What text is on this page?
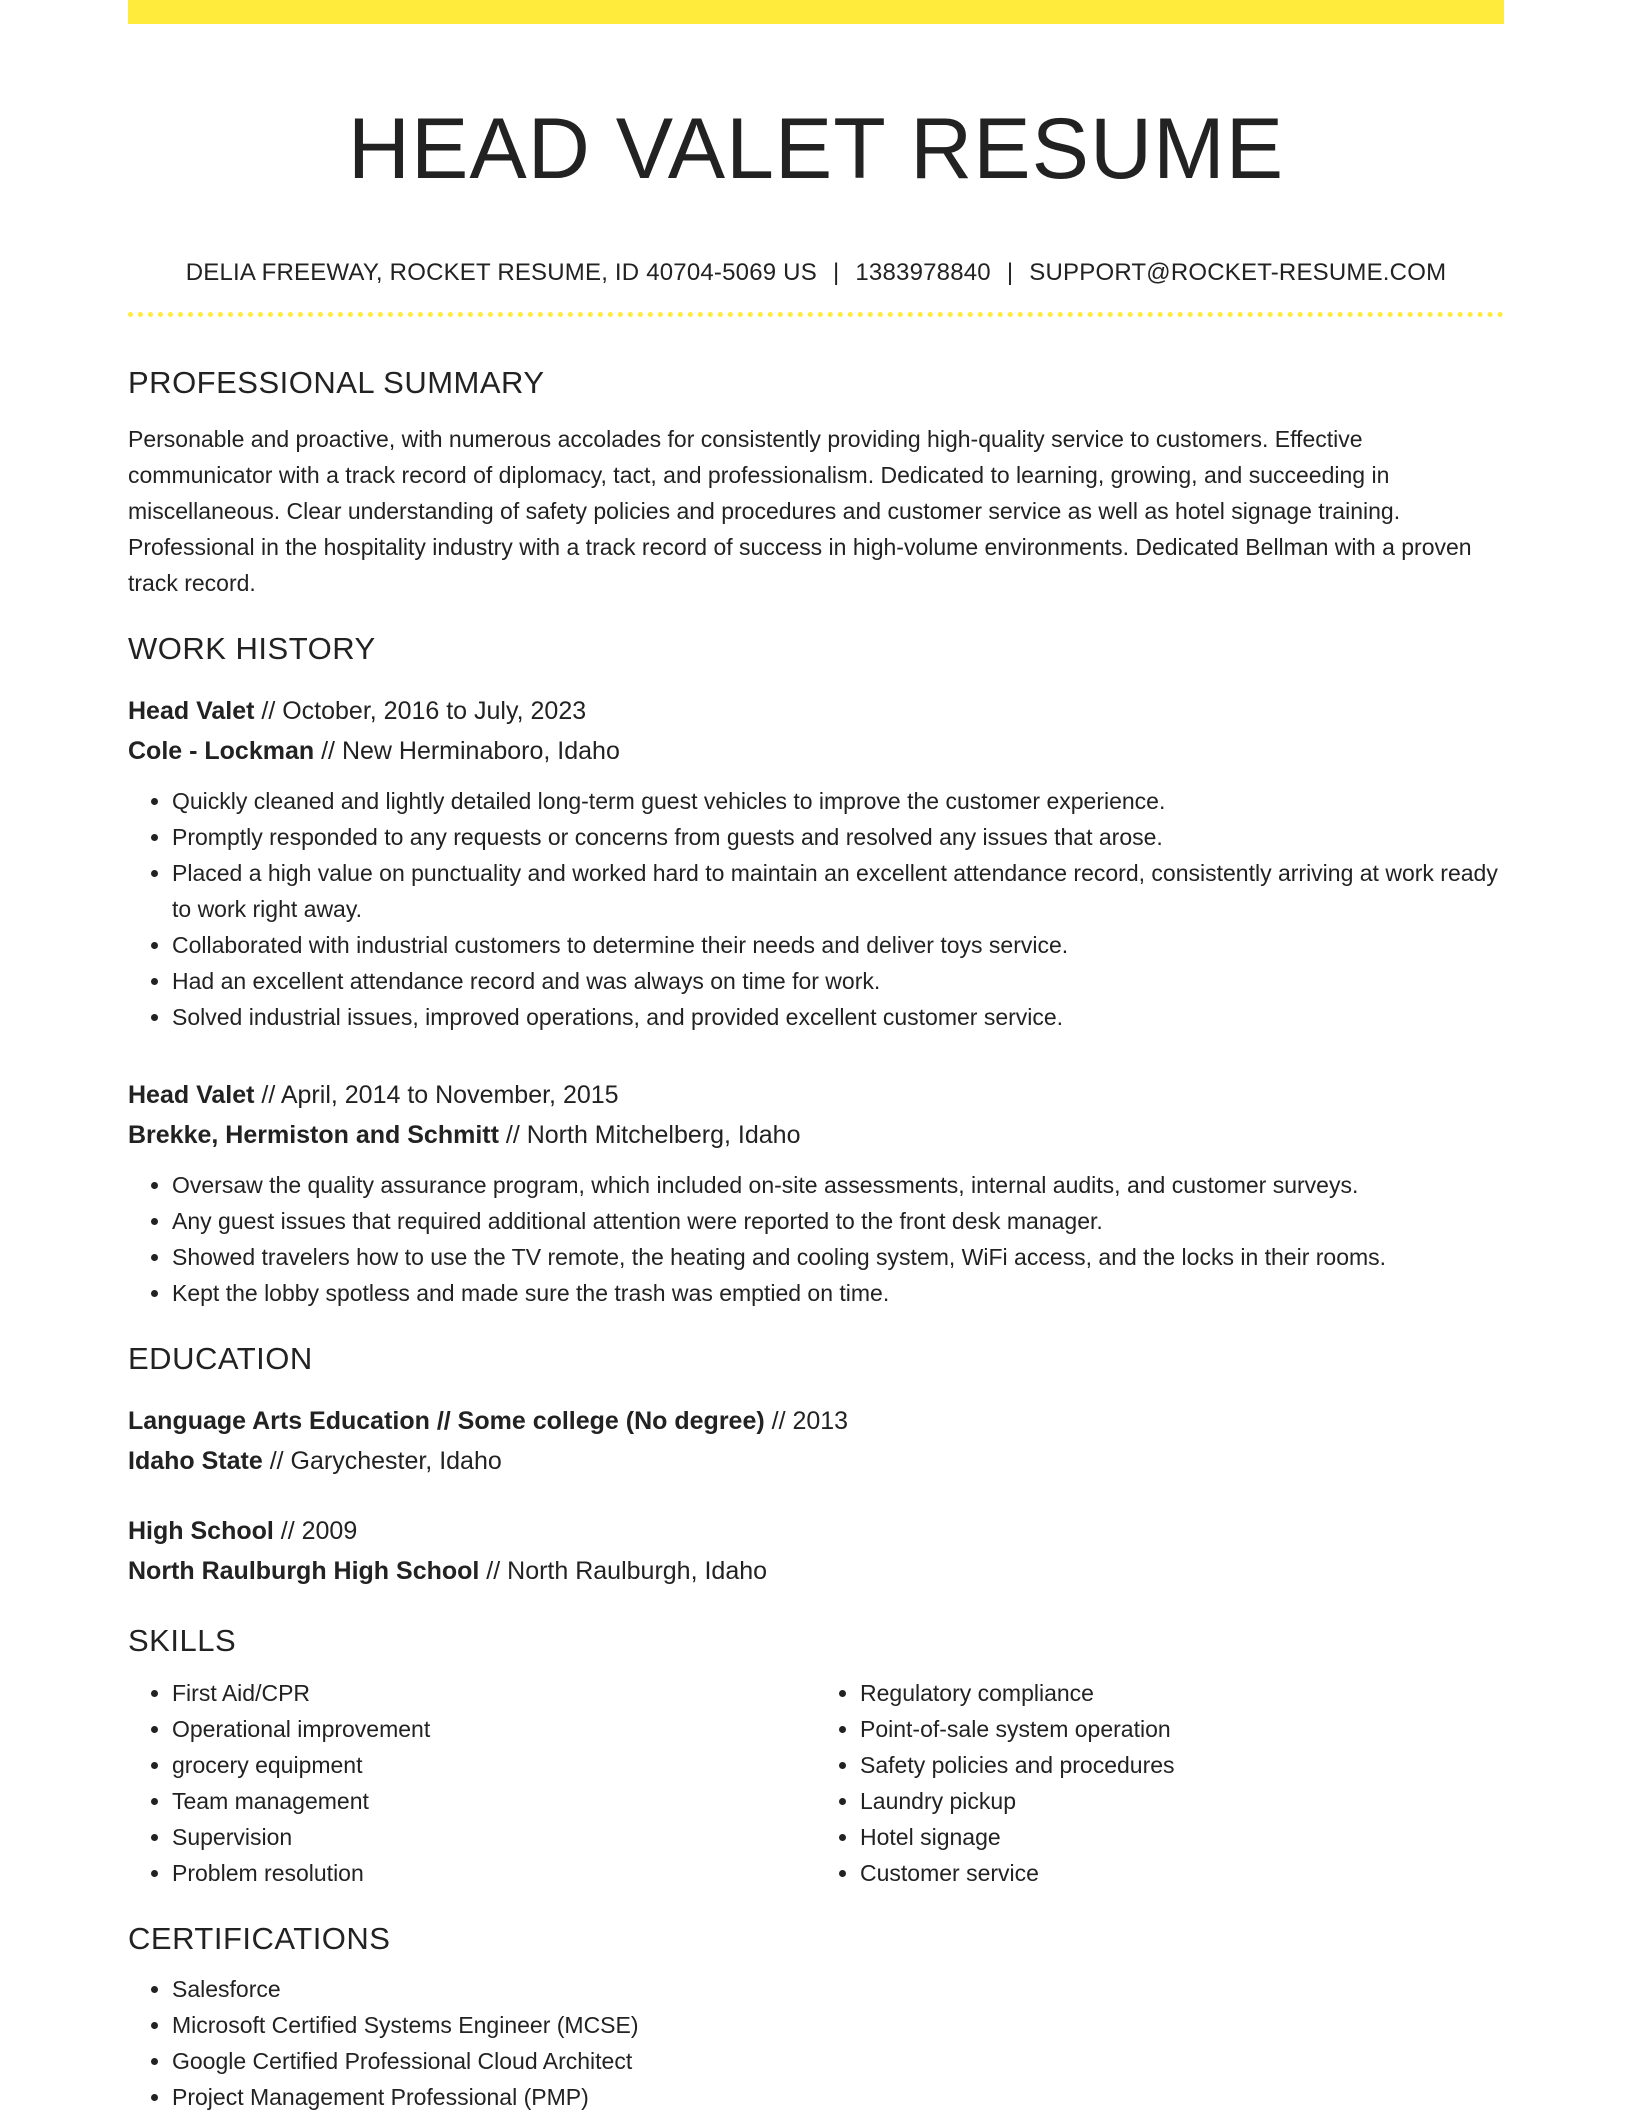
HEAD VALET RESUME
DELIA FREEWAY, ROCKET RESUME, ID 40704-5069 US | 1383978840 | SUPPORT@ROCKET-RESUME.COM
PROFESSIONAL SUMMARY

Personable and proactive, with numerous accolades for consistently providing high-quality service to customers. Effective communicator with a track record of diplomacy, tact, and professionalism. Dedicated to learning, growing, and succeeding in miscellaneous. Clear understanding of safety policies and procedures and customer service as well as hotel signage training. Professional in the hospitality industry with a track record of success in high-volume environments. Dedicated Bellman with a proven track record.

WORK HISTORY

Head Valet // October, 2016 to July, 2023

Cole - Lockman // New Herminaboro, Idaho

• Quickly cleaned and lightly detailed long-term guest vehicles to improve the customer experience.
• Promptly responded to any requests or concerns from guests and resolved any issues that arose.
• Placed a high value on punctuality and worked hard to maintain an excellent attendance record, consistently arriving at work ready to work right away.
• Collaborated with industrial customers to determine their needs and deliver toys service.
• Had an excellent attendance record and was always on time for work.
• Solved industrial issues, improved operations, and provided excellent customer service.

Head Valet // April, 2014 to November, 2015

Brekke, Hermiston and Schmitt // North Mitchelberg, Idaho

• Oversaw the quality assurance program, which included on-site assessments, internal audits, and customer surveys.
• Any guest issues that required additional attention were reported to the front desk manager.
• Showed travelers how to use the TV remote, the heating and cooling system, WiFi access, and the locks in their rooms.
• Kept the lobby spotless and made sure the trash was emptied on time.
EDUCATION

Language Arts Education // Some college (No degree) // 2013

Idaho State // Garychester, Idaho

High School // 2009

North Raulburgh High School // North Raulburgh, Idaho

SKILLS
• First Aid/CPR
• Operational improvement
• grocery equipment
• Team management
• Supervision
• Problem resolution
• Regulatory compliance
• Point-of-sale system operation
• Safety policies and procedures
• Laundry pickup
• Hotel signage
• Customer service
CERTIFICATIONS
• Salesforce
• Microsoft Certified Systems Engineer (MCSE)
• Google Certified Professional Cloud Architect
• Project Management Professional (PMP)
